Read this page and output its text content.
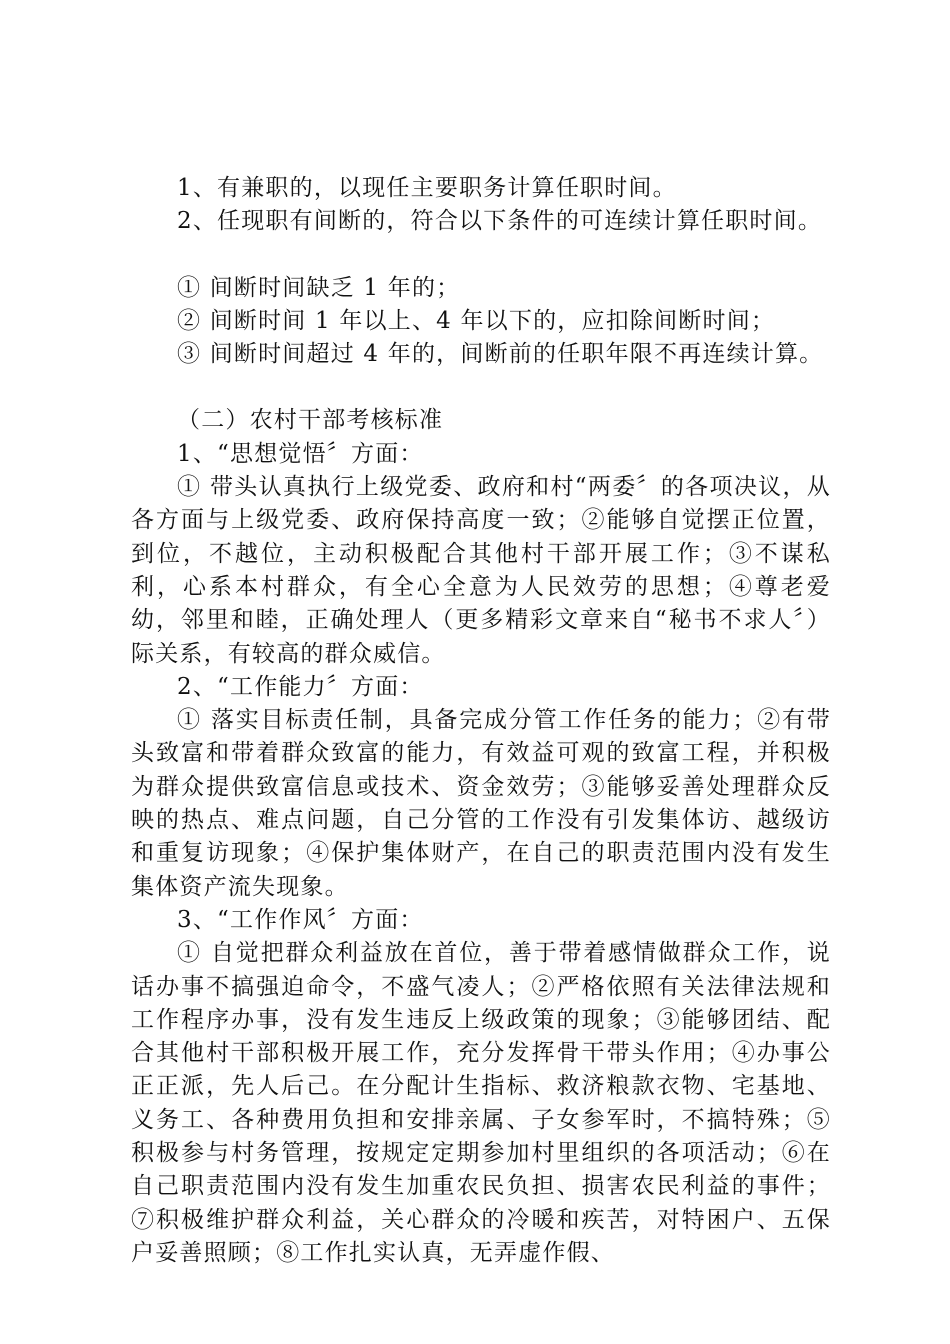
1、有兼职的，以现任主要职务计算任职时间。

2、任现职有间断的，符合以下条件的可连续计算任职时间。

① 间断时间缺乏 1 年的；

② 间断时间 1 年以上、4 年以下的，应扣除间断时间；

③ 间断时间超过 4 年的，间断前的任职年限不再连续计算。

（二）农村干部考核标准

1、“思想觉悟〞方面：

① 带头认真执行上级党委、政府和村“两委〞的各项决议，从各方面与上级党委、政府保持高度一致；②能够自觉摆正位置，到位，不越位，主动积极配合其他村干部开展工作；③不谋私利，心系本村群众，有全心全意为人民效劳的思想；④尊老爱幼，邻里和睦，正确处理人（更多精彩文章来自“秘书不求人〞）际关系，有较高的群众威信。

2、“工作能力〞方面：

① 落实目标责任制，具备完成分管工作任务的能力；②有带头致富和带着群众致富的能力，有效益可观的致富工程，并积极为群众提供致富信息或技术、资金效劳；③能够妥善处理群众反映的热点、难点问题，自己分管的工作没有引发集体访、越级访和重复访现象；④保护集体财产，在自己的职责范围内没有发生集体资产流失现象。

3、“工作作风〞方面：

① 自觉把群众利益放在首位，善于带着感情做群众工作，说话办事不搞强迫命令，不盛气凌人；②严格依照有关法律法规和工作程序办事，没有发生违反上级政策的现象；③能够团结、配合其他村干部积极开展工作，充分发挥骨干带头作用；④办事公正正派，先人后己。在分配计生指标、救济粮款衣物、宅基地、义务工、各种费用负担和安排亲属、子女参军时，不搞特殊；⑤积极参与村务管理，按规定定期参加村里组织的各项活动；⑥在自己职责范围内没有发生加重农民负担、损害农民利益的事件；⑦积极维护群众利益，关心群众的冷暖和疾苦，对特困户、五保户妥善照顾；⑧工作扎实认真，无弄虚作假、
